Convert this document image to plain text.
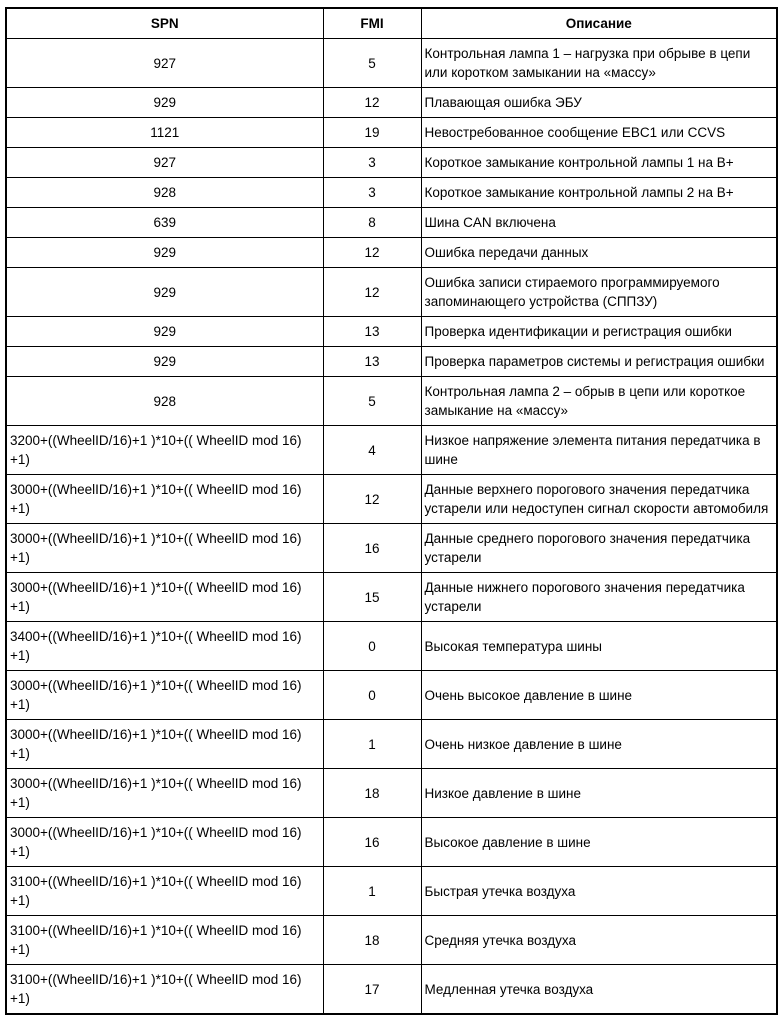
SPN	FMI	Описание
927	5	Контрольная лампа 1 – нагрузка при обрыве в цепи или коротком замыкании на «массу»
929	12	Плавающая ошибка ЭБУ
1121	19	Невостребованное сообщение EBC1 или CCVS
927	3	Короткое замыкание контрольной лампы 1 на B+
928	3	Короткое замыкание контрольной лампы 2 на B+
639	8	Шина CAN включена
929	12	Ошибка передачи данных
929	12	Ошибка записи стираемого программируемого запоминающего устройства (СППЗУ)
929	13	Проверка идентификации и регистрация ошибки
929	13	Проверка параметров системы и регистрация ошибки
928	5	Контрольная лампа 2 – обрыв в цепи или короткое замыкание на «массу»
3200+((WheelID/16)+1 )*10+(( WheelID mod 16) +1)	4	Низкое напряжение элемента питания передатчика в шине
3000+((WheelID/16)+1 )*10+(( WheelID mod 16) +1)	12	Данные верхнего порогового значения передатчика устарели или недоступен сигнал скорости автомобиля
3000+((WheelID/16)+1 )*10+(( WheelID mod 16) +1)	16	Данные среднего порогового значения передатчика устарели
3000+((WheelID/16)+1 )*10+(( WheelID mod 16) +1)	15	Данные нижнего порогового значения передатчика устарели
3400+((WheelID/16)+1 )*10+(( WheelID mod 16) +1)	0	Высокая температура шины
3000+((WheelID/16)+1 )*10+(( WheelID mod 16) +1)	0	Очень высокое давление в шине
3000+((WheelID/16)+1 )*10+(( WheelID mod 16) +1)	1	Очень низкое давление в шине
3000+((WheelID/16)+1 )*10+(( WheelID mod 16) +1)	18	Низкое давление в шине
3000+((WheelID/16)+1 )*10+(( WheelID mod 16) +1)	16	Высокое давление в шине
3100+((WheelID/16)+1 )*10+(( WheelID mod 16) +1)	1	Быстрая утечка воздуха
3100+((WheelID/16)+1 )*10+(( WheelID mod 16) +1)	18	Средняя утечка воздуха
3100+((WheelID/16)+1 )*10+(( WheelID mod 16) +1)	17	Медленная утечка воздуха
